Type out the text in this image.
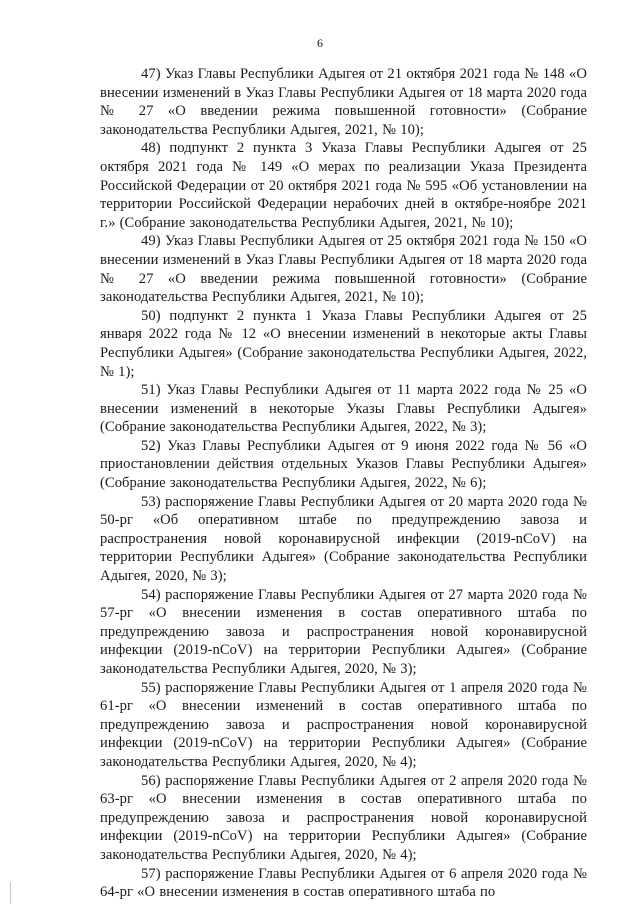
6

47) Указ Главы Республики Адыгея от 21 октября 2021 года № 148 «О внесении изменений в Указ Главы Республики Адыгея от 18 марта 2020 года № 27 «О введении режима повышенной готовности» (Собрание законодательства Республики Адыгея, 2021, № 10);

48) подпункт 2 пункта 3 Указа Главы Республики Адыгея от 25 октября 2021 года № 149 «О мерах по реализации Указа Президента Российской Федерации от 20 октября 2021 года № 595 «Об установлении на территории Российской Федерации нерабочих дней в октябре-ноябре 2021 г.» (Собрание законодательства Республики Адыгея, 2021, № 10);

49) Указ Главы Республики Адыгея от 25 октября 2021 года № 150 «О внесении изменений в Указ Главы Республики Адыгея от 18 марта 2020 года № 27 «О введении режима повышенной готовности» (Собрание законодательства Республики Адыгея, 2021, № 10);

50) подпункт 2 пункта 1 Указа Главы Республики Адыгея от 25 января 2022 года № 12 «О внесении изменений в некоторые акты Главы Республики Адыгея» (Собрание законодательства Республики Адыгея, 2022, № 1);

51) Указ Главы Республики Адыгея от 11 марта 2022 года № 25 «О внесении изменений в некоторые Указы Главы Республики Адыгея» (Собрание законодательства Республики Адыгея, 2022, № 3);

52) Указ Главы Республики Адыгея от 9 июня 2022 года № 56 «О приостановлении действия отдельных Указов Главы Республики Адыгея» (Собрание законодательства Республики Адыгея, 2022, № 6);

53) распоряжение Главы Республики Адыгея от 20 марта 2020 года № 50-рг «Об оперативном штабе по предупреждению завоза и распространения новой коронавирусной инфекции (2019-nCoV) на территории Республики Адыгея» (Собрание законодательства Республики Адыгея, 2020, № 3);

54) распоряжение Главы Республики Адыгея от 27 марта 2020 года № 57-рг «О внесении изменения в состав оперативного штаба по предупреждению завоза и распространения новой коронавирусной инфекции (2019-nCoV) на территории Республики Адыгея» (Собрание законодательства Республики Адыгея, 2020, № 3);

55) распоряжение Главы Республики Адыгея от 1 апреля 2020 года № 61-рг «О внесении изменений в состав оперативного штаба по предупреждению завоза и распространения новой коронавирусной инфекции (2019-nCoV) на территории Республики Адыгея» (Собрание законодательства Республики Адыгея, 2020, № 4);

56) распоряжение Главы Республики Адыгея от 2 апреля 2020 года № 63-рг «О внесении изменения в состав оперативного штаба по предупреждению завоза и распространения новой коронавирусной инфекции (2019-nCoV) на территории Республики Адыгея» (Собрание законодательства Республики Адыгея, 2020, № 4);

57) распоряжение Главы Республики Адыгея от 6 апреля 2020 года № 64-рг «О внесении изменения в состав оперативного штаба по
